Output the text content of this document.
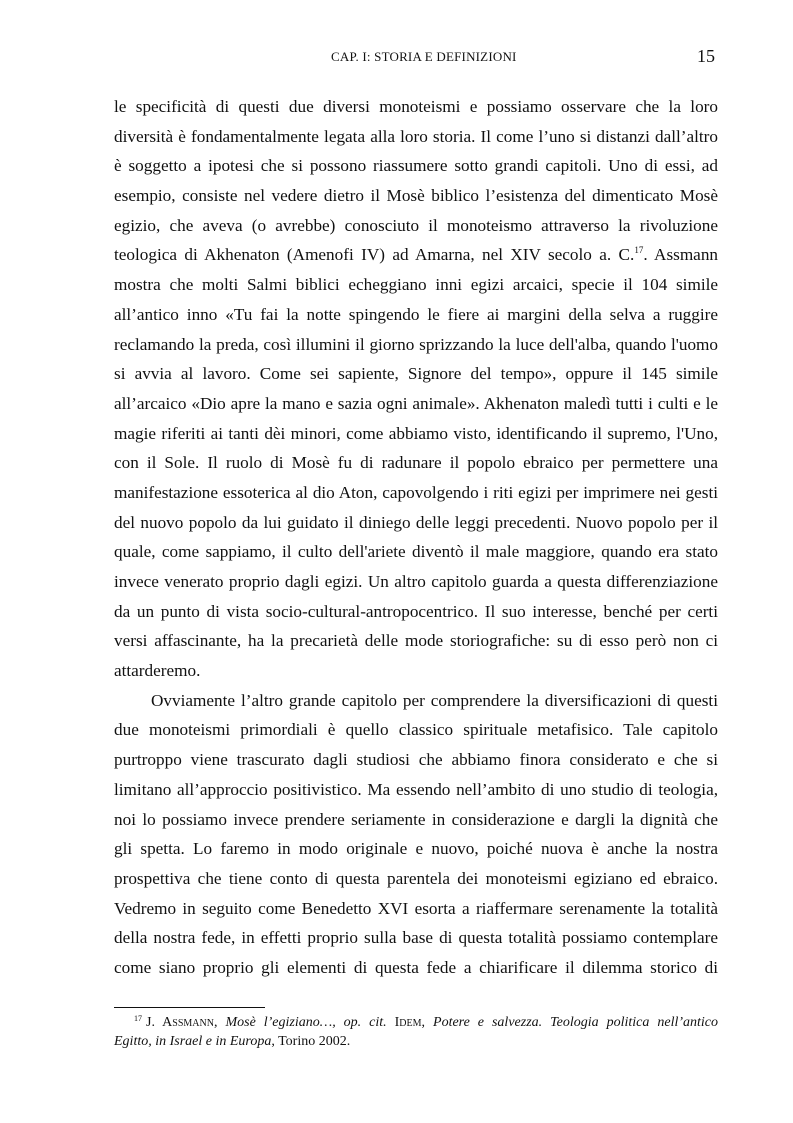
CAP. I: STORIA E DEFINIZIONI	15
le specificità di questi due diversi monoteismi e possiamo osservare che la loro
diversità è fondamentalmente legata alla loro storia. Il come l’uno si distanzi dall’altro
è soggetto a ipotesi che si possono riassumere sotto grandi capitoli. Uno di essi, ad
esempio, consiste nel vedere dietro il Mosè biblico l’esistenza del dimenticato Mosè
egizio, che aveva (o avrebbe) conosciuto il monoteismo attraverso la rivoluzione
teologica di Akhenaton (Amenofi IV) ad Amarna, nel XIV secolo a. C.$^{17}$. Assmann
mostra che molti Salmi biblici echeggiano inni egizi arcaici, specie il 104 simile
all’antico inno «Tu fai la notte spingendo le fiere ai margini della selva a ruggire
reclamando la preda, così illumini il giorno sprizzando la luce dell'alba, quando l'uomo
si avvia al lavoro. Come sei sapiente, Signore del tempo», oppure il 145 simile
all’arcaico «Dio apre la mano e sazia ogni animale». Akhenaton maledì tutti i culti e le
magie riferiti ai tanti dèi minori, come abbiamo visto, identificando il supremo, l'Uno,
con il Sole. Il ruolo di Mosè fu di radunare il popolo ebraico per permettere una
manifestazione essoterica al dio Aton, capovolgendo i riti egizi per imprimere nei gesti
del nuovo popolo da lui guidato il diniego delle leggi precedenti. Nuovo popolo per il
quale, come sappiamo, il culto dell'ariete diventò il male maggiore, quando era stato
invece venerato proprio dagli egizi. Un altro capitolo guarda a questa differenziazione
da un punto di vista socio-cultural-antropocentrico. Il suo interesse, benché per certi
versi affascinante, ha la precarietà delle mode storiografiche: su di esso però non ci
attarderemo.
Ovviamente l’altro grande capitolo per comprendere la diversificazioni di questi
due monoteismi primordiali è quello classico spirituale metafisico. Tale capitolo
purtroppo viene trascurato dagli studiosi che abbiamo finora considerato e che si
limitano all’approccio positivistico. Ma essendo nell’ambito di uno studio di teologia,
noi lo possiamo invece prendere seriamente in considerazione e dargli la dignità che
gli spetta. Lo faremo in modo originale e nuovo, poiché nuova è anche la nostra
prospettiva che tiene conto di questa parentela dei monoteismi egiziano ed ebraico.
Vedremo in seguito come Benedetto XVI esorta a riaffermare serenamente la totalità
della nostra fede, in effetti proprio sulla base di questa totalità possiamo contemplare
come siano proprio gli elementi di questa fede a chiarificare il dilemma storico di
$^{17}$ J. Assmann, Mosè l’egiziano…, op. cit. Idem, Potere e salvezza. Teologia politica nell’antico
Egitto, in Israel e in Europa, Torino 2002.
